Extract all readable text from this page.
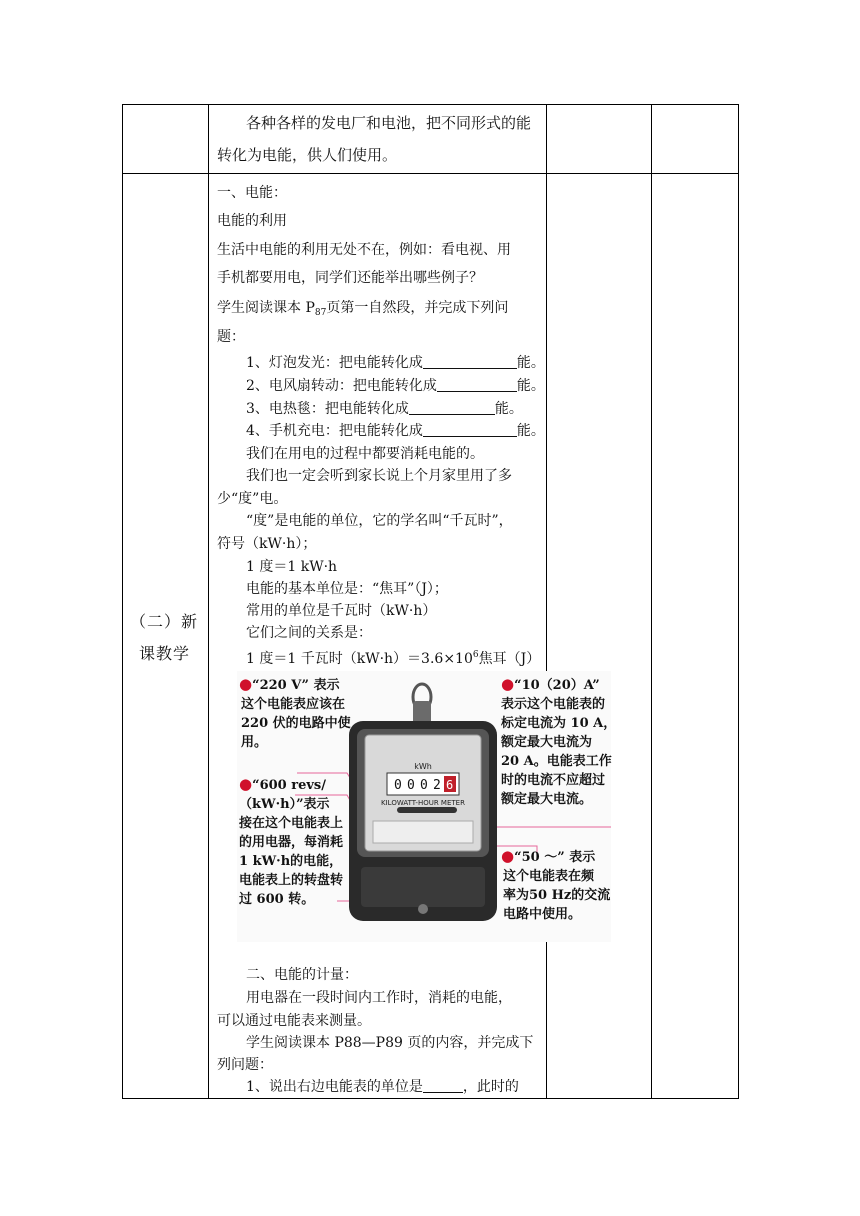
各种各样的发电厂和电池，把不同形式的能
转化为电能，供人们使用。
（二）新
课教学
一、电能：
电能的利用
生活中电能的利用无处不在，例如：看电视、用
手机都要用电，同学们还能举出哪些例子？
学生阅读课本 $P_{87}$页第一自然段，并完成下列问
题：
1、灯泡发光：把电能转化成	能。
2、电风扇转动：把电能转化成	能。
3、电热毯：把电能转化成	能。
4、手机充电：把电能转化成	能。
我们在用电的过程中都要消耗电能的。
我们也一定会听到家长说上个月家里用了多
少“度”电。
“度”是电能的单位，它的学名叫“千瓦时”，
符号（kW·h）；
1 度＝1 kW·h
电能的基本单位是：“焦耳”（J）；
常用的单位是千瓦时（kW·h）
它们之间的关系是：
1 度＝1 千瓦时$(kW\cdot h)=3.6\times 10^6$焦耳（J）
kWh
0 0 0 2 6
KILOWATT-HOUR METER
●“220 V” 表示
这个电能表应该在
220 伏的电路中使
用。
●“600 revs/
（kW·h）”表示
接在这个电能表上
的用电器，每消耗
1 kW·h的电能，
电能表上的转盘转
过 600 转。
●“10（20）A”
表示这个电能表的
标定电流为 10 A，
额定最大电流为
20 A。电能表工作
时的电流不应超过
额定最大电流。
●“50 ～” 表示
这个电能表在频
率为50 Hz的交流
电路中使用。
二、电能的计量：
用电器在一段时间内工作时，消耗的电能，
可以通过电能表来测量。
学生阅读课本 P88—P89 页的内容，并完成下
列问题：
1、说出右边电能表的单位是	，此时的
